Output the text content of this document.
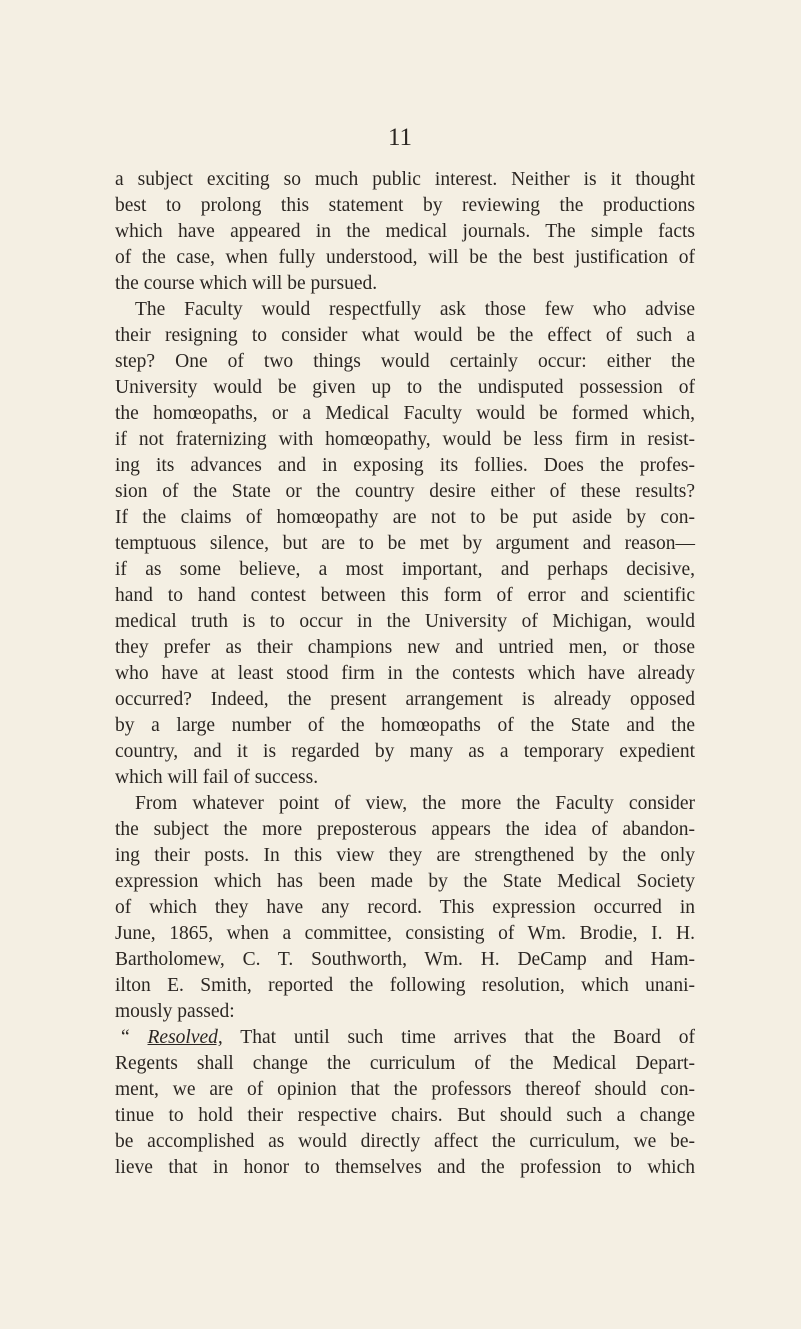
11
a subject exciting so much public interest. Neither is it thought
best to prolong this statement by reviewing the productions
which have appeared in the medical journals. The simple facts
of the case, when fully understood, will be the best justification of
the course which will be pursued.
The Faculty would respectfully ask those few who advise
their resigning to consider what would be the effect of such a
step? One of two things would certainly occur: either the
University would be given up to the undisputed possession of
the homœopaths, or a Medical Faculty would be formed which,
if not fraternizing with homœopathy, would be less firm in resist-
ing its advances and in exposing its follies. Does the profes-
sion of the State or the country desire either of these results?
If the claims of homœopathy are not to be put aside by con-
temptuous silence, but are to be met by argument and reason—
if as some believe, a most important, and perhaps decisive,
hand to hand contest between this form of error and scientific
medical truth is to occur in the University of Michigan, would
they prefer as their champions new and untried men, or those
who have at least stood firm in the contests which have already
occurred? Indeed, the present arrangement is already opposed
by a large number of the homœopaths of the State and the
country, and it is regarded by many as a temporary expedient
which will fail of success.
From whatever point of view, the more the Faculty consider
the subject the more preposterous appears the idea of abandon-
ing their posts. In this view they are strengthened by the only
expression which has been made by the State Medical Society
of which they have any record. This expression occurred in
June, 1865, when a committee, consisting of Wm. Brodie, I. H.
Bartholomew, C. T. Southworth, Wm. H. DeCamp and Ham-
ilton E. Smith, reported the following resolution, which unani-
mously passed:
“ Resolved, That until such time arrives that the Board of
Regents shall change the curriculum of the Medical Depart-
ment, we are of opinion that the professors thereof should con-
tinue to hold their respective chairs. But should such a change
be accomplished as would directly affect the curriculum, we be-
lieve that in honor to themselves and the profession to which
